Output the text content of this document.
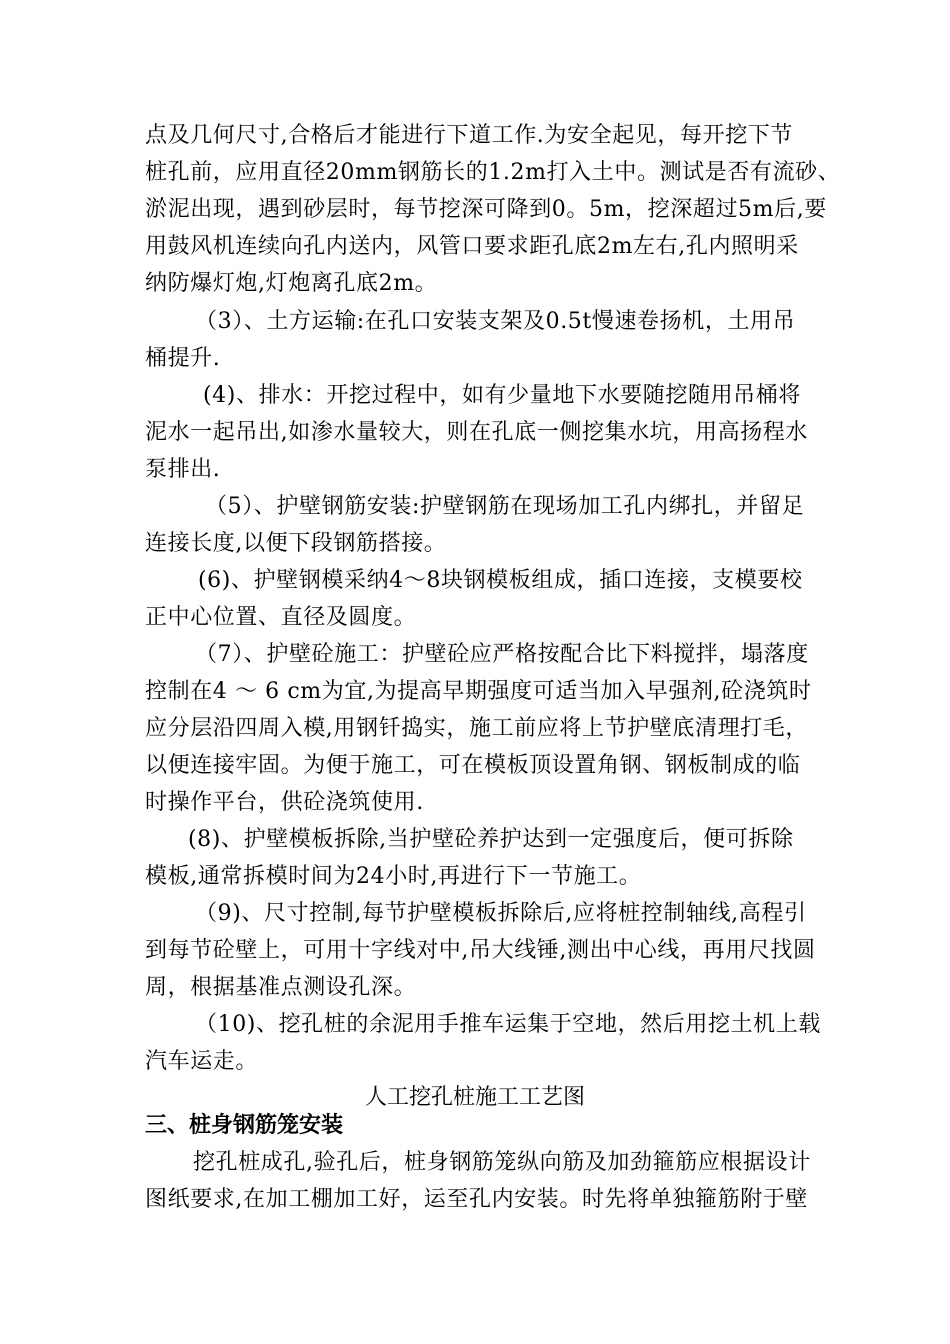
点及几何尺寸,合格后才能进行下道工作.为安全起见，每开挖下节
桩孔前，应用直径20mm钢筋长的1.2m打入土中。测试是否有流砂、
淤泥出现，遇到砂层时，每节挖深可降到0。5m，挖深超过5m后,要
用鼓风机连续向孔内送内，风管口要求距孔底2m左右,孔内照明采
纳防爆灯炮,灯炮离孔底2m。
（3）、土方运输:在孔口安装支架及0.5t慢速卷扬机，土用吊
桶提升.
(4)、排水：开挖过程中，如有少量地下水要随挖随用吊桶将
泥水一起吊出,如渗水量较大，则在孔底一侧挖集水坑，用高扬程水
泵排出.
（5）、护壁钢筋安装:护壁钢筋在现场加工孔内绑扎，并留足
连接长度,以便下段钢筋搭接。
(6)、护壁钢模采纳4～8块钢模板组成，插口连接，支模要校
正中心位置、直径及圆度。
（7）、护壁砼施工：护壁砼应严格按配合比下料搅拌，塌落度
控制在4 ～ 6 cm为宜,为提高早期强度可适当加入早强剂,砼浇筑时
应分层沿四周入模,用钢钎捣实，施工前应将上节护壁底清理打毛，
以便连接牢固。为便于施工，可在模板顶设置角钢、钢板制成的临
时操作平台，供砼浇筑使用.
(8)、护壁模板拆除,当护壁砼养护达到一定强度后，便可拆除
模板,通常拆模时间为24小时,再进行下一节施工。
（9)、尺寸控制,每节护壁模板拆除后,应将桩控制轴线,高程引
到每节砼壁上，可用十字线对中,吊大线锤,测出中心线，再用尺找圆
周，根据基准点测设孔深。
（10)、挖孔桩的余泥用手推车运集于空地，然后用挖土机上载
汽车运走。
人工挖孔桩施工工艺图
三、桩身钢筋笼安装
挖孔桩成孔,验孔后，桩身钢筋笼纵向筋及加劲箍筋应根据设计
图纸要求,在加工棚加工好，运至孔内安装。时先将单独箍筋附于壁
